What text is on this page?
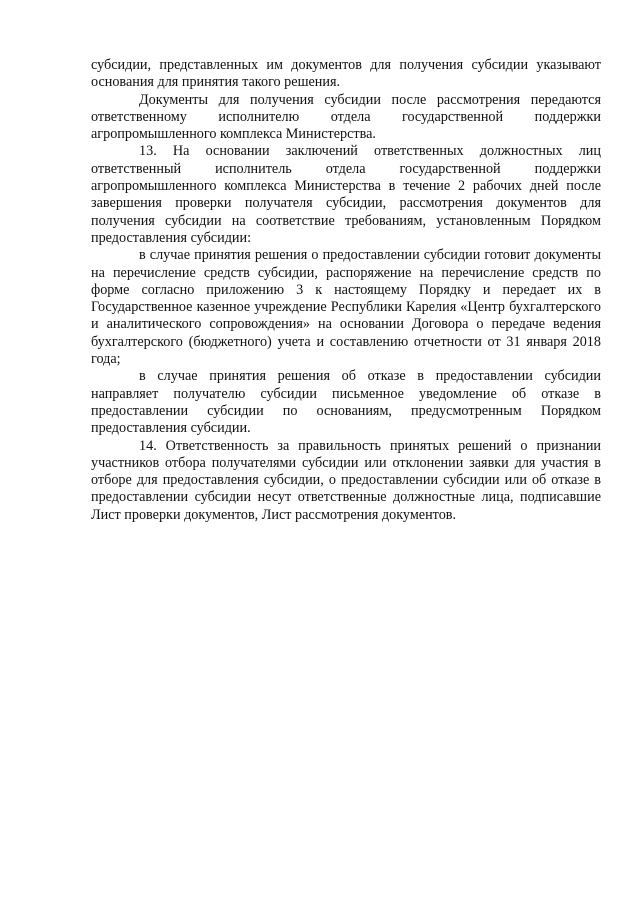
субсидии, представленных им документов для получения субсидии указывают основания для принятия такого решения.

Документы для получения субсидии после рассмотрения передаются ответственному исполнителю отдела государственной поддержки агропромышленного комплекса Министерства.

13. На основании заключений ответственных должностных лиц ответственный исполнитель отдела государственной поддержки агропромышленного комплекса Министерства в течение 2 рабочих дней после завершения проверки получателя субсидии, рассмотрения документов для получения субсидии на соответствие требованиям, установленным Порядком предоставления субсидии:

в случае принятия решения о предоставлении субсидии готовит документы на перечисление средств субсидии, распоряжение на перечисление средств по форме согласно приложению 3 к настоящему Порядку и передает их в Государственное казенное учреждение Республики Карелия «Центр бухгалтерского и аналитического сопровождения» на основании Договора о передаче ведения бухгалтерского (бюджетного) учета и составлению отчетности от 31 января 2018 года;

в случае принятия решения об отказе в предоставлении субсидии направляет получателю субсидии письменное уведомление об отказе в предоставлении субсидии по основаниям, предусмотренным Порядком предоставления субсидии.

14. Ответственность за правильность принятых решений о признании участников отбора получателями субсидии или отклонении заявки для участия в отборе для предоставления субсидии, о предоставлении субсидии или об отказе в предоставлении субсидии несут ответственные должностные лица, подписавшие Лист проверки документов, Лист рассмотрения документов.
